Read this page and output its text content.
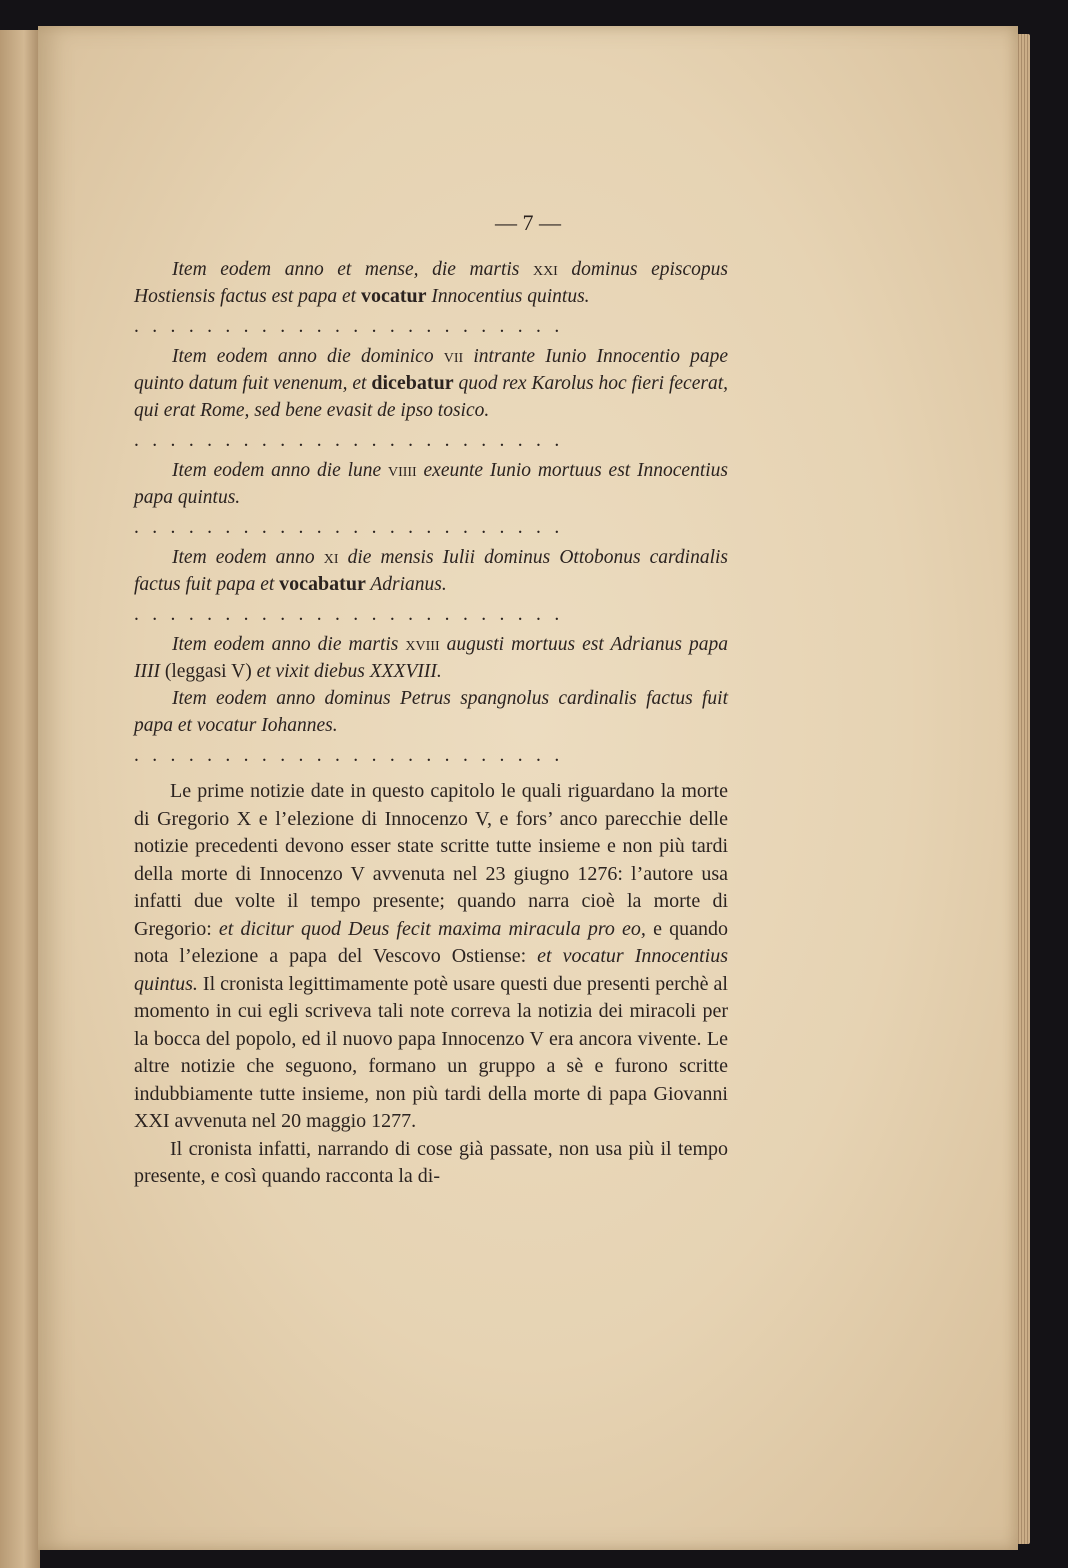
— 7 —

Item eodem anno et mense, die martis xxi dominus episcopus Hostiensis factus est papa et vocatur Innocentius quintus.

........................

Item eodem anno die dominico vii intrante Iunio Innocentio pape quinto datum fuit venenum, et dicebatur quod rex Karolus hoc fieri fecerat, qui erat Rome, sed bene evasit de ipso tosico.

........................

Item eodem anno die lune viiii exeunte Iunio mortuus est Innocentius papa quintus.

........................

Item eodem anno xi die mensis Iulii dominus Ottobonus cardinalis factus fuit papa et vocabatur Adrianus.

........................

Item eodem anno die martis xviii augusti mortuus est Adrianus papa IIII (leggasi V) et vixit diebus XXXVIII.

Item eodem anno dominus Petrus spangnolus cardinalis factus fuit papa et vocatur Iohannes.

........................

Le prime notizie date in questo capitolo le quali riguardano la morte di Gregorio X e l’elezione di Innocenzo V, e fors’ anco parecchie delle notizie precedenti devono esser state scritte tutte insieme e non più tardi della morte di Innocenzo V avvenuta nel 23 giugno 1276: l’autore usa infatti due volte il tempo presente; quando narra cioè la morte di Gregorio: et dicitur quod Deus fecit maxima miracula pro eo, e quando nota l’elezione a papa del Vescovo Ostiense: et vocatur Innocentius quintus. Il cronista legittimamente potè usare questi due presenti perchè al momento in cui egli scriveva tali note correva la notizia dei miracoli per la bocca del popolo, ed il nuovo papa Innocenzo V era ancora vivente. Le altre notizie che seguono, formano un gruppo a sè e furono scritte indubbiamente tutte insieme, non più tardi della morte di papa Giovanni XXI avvenuta nel 20 maggio 1277.

Il cronista infatti, narrando di cose già passate, non usa più il tempo presente, e così quando racconta la di-
